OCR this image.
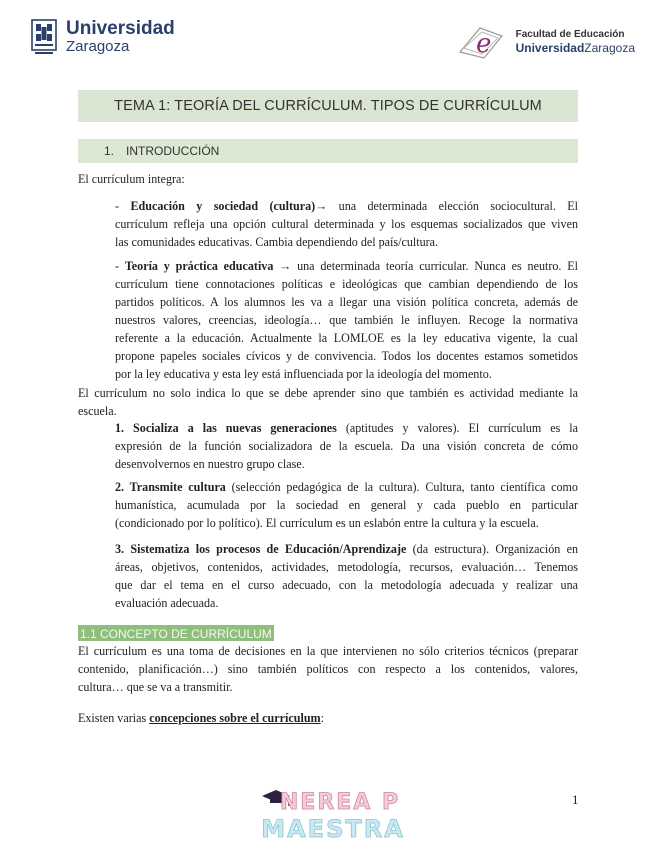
Universidad
Zaragoza	e Facultad de Educación
UniversidadZaragoza
TEMA 1: TEORÍA DEL CURRÍCULUM. TIPOS DE CURRÍCULUM
1. INTRODUCCIÓN
El currículum integra:
- Educación y sociedad (cultura)→ una determinada elección sociocultural. El
currículum refleja una opción cultural determinada y los esquemas socializados que viven
las comunidades educativas. Cambia dependiendo del país/cultura.
- Teoría y práctica educativa → una determinada teoría curricular. Nunca es neutro. El
currículum tiene connotaciones políticas e ideológicas que cambian dependiendo de los
partidos políticos. A los alumnos les va a llegar una visión política concreta, además de
nuestros valores, creencias, ideología… que también le influyen. Recoge la normativa
referente a la educación. Actualmente la LOMLOE es la ley educativa vigente, la cual
propone papeles sociales cívicos y de convivencia. Todos los docentes estamos sometidos
por la ley educativa y esta ley está influenciada por la ideología del momento.
El currículum no solo indica lo que se debe aprender sino que también es actividad mediante la
escuela.
1. Socializa a las nuevas generaciones (aptitudes y valores). El currículum es la
expresión de la función socializadora de la escuela. Da una visión concreta de cómo
desenvolvernos en nuestro grupo clase.
2. Transmite cultura (selección pedagógica de la cultura). Cultura, tanto científica como
humanística, acumulada por la sociedad en general y cada pueblo en particular
(condicionado por lo político). El currículum es un eslabón entre la cultura y la escuela.
3. Sistematiza los procesos de Educación/Aprendizaje (da estructura). Organización en
áreas, objetivos, contenidos, actividades, metodología, recursos, evaluación… Tenemos
que dar el tema en el curso adecuado, con la metodología adecuada y realizar una
evaluación adecuada.
1.1 CONCEPTO DE CURRÍCULUM
El currículum es una toma de decisiones en la que intervienen no sólo criterios técnicos (preparar
contenido, planificación…) sino también políticos con respecto a los contenidos, valores,
cultura… que se va a transmitir.
Existen varias concepciones sobre el currículum:
1
NEREA P
MAESTRA
